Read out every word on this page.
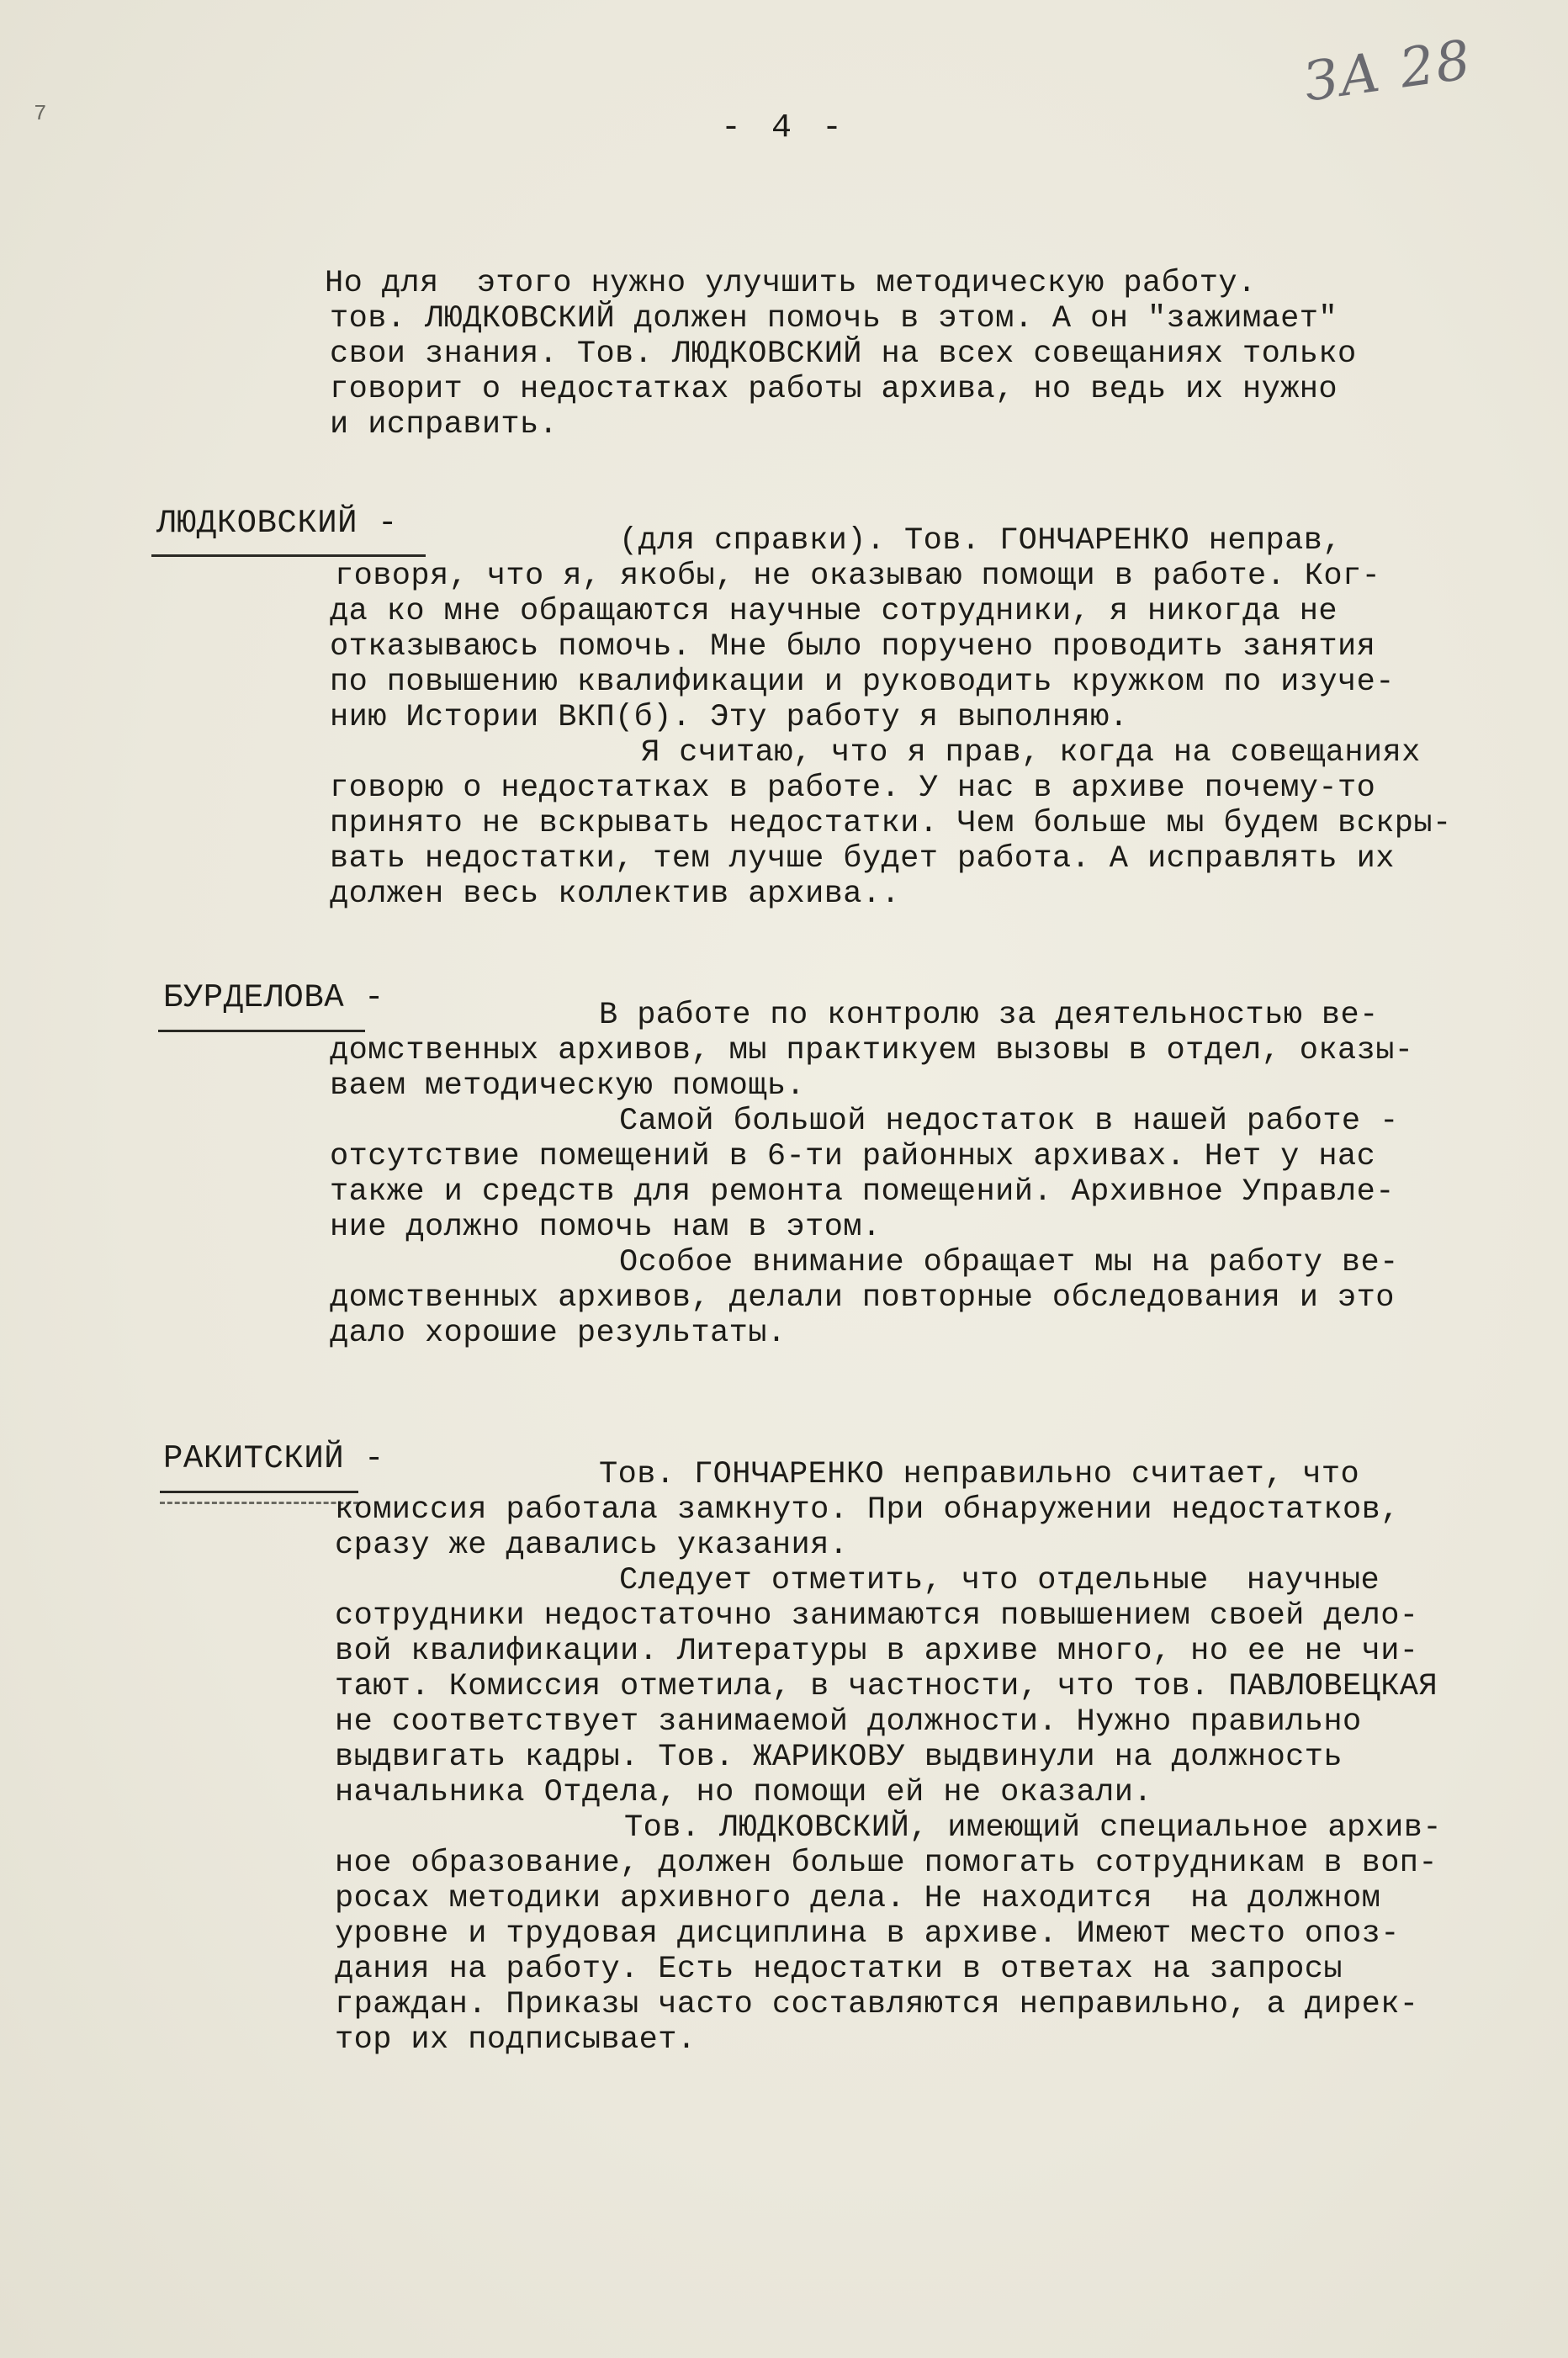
7	ЗА 28
- 4 -
Но для  этого нужно улучшить методическую работу.
тов. ЛЮДКОВСКИЙ должен помочь в этом. А он "зажимает"
свои знания. Тов. ЛЮДКОВСКИЙ на всех совещаниях только
говорит о недостатках работы архива, но ведь их нужно
и исправить.
ЛЮДКОВСКИЙ -	(для справки). Тов. ГОНЧАРЕНКО неправ,
говоря, что я, якобы, не оказываю помощи в работе. Ког-
да ко мне обращаются научные сотрудники, я никогда не
отказываюсь помочь. Мне было поручено проводить занятия
по повышению квалификации и руководить кружком по изуче-
нию Истории ВКП(б). Эту работу я выполняю.
Я считаю, что я прав, когда на совещаниях
говорю о недостатках в работе. У нас в архиве почему-то
принято не вскрывать недостатки. Чем больше мы будем вскры-
вать недостатки, тем лучше будет работа. А исправлять их
должен весь коллектив архива..
БУРДЕЛОВА -	В работе по контролю за деятельностью ве-
домственных архивов, мы практикуем вызовы в отдел, оказы-
ваем методическую помощь.
Самой большой недостаток в нашей работе -
отсутствие помещений в 6-ти районных архивах. Нет у нас
также и средств для ремонта помещений. Архивное Управле-
ние должно помочь нам в этом.
Особое внимание обращает мы на работу ве-
домственных архивов, делали повторные обследования и это
дало хорошие результаты.
РАКИТСКИЙ -	Тов. ГОНЧАРЕНКО неправильно считает, что
комиссия работала замкнуто. При обнаружении недостатков,
сразу же давались указания.
Следует отметить, что отдельные  научные
сотрудники недостаточно занимаются повышением своей дело-
вой квалификации. Литературы в архиве много, но ее не чи-
тают. Комиссия отметила, в частности, что тов. ПАВЛОВЕЦКАЯ
не соответствует занимаемой должности. Нужно правильно
выдвигать кадры. Тов. ЖАРИКОВУ выдвинули на должность
начальника Отдела, но помощи ей не оказали.
Тов. ЛЮДКОВСКИЙ, имеющий специальное архив-
ное образование, должен больше помогать сотрудникам в воп-
росах методики архивного дела. Не находится  на должном
уровне и трудовая дисциплина в архиве. Имеют место опоз-
дания на работу. Есть недостатки в ответах на запросы
граждан. Приказы часто составляются неправильно, а дирек-
тор их подписывает.
